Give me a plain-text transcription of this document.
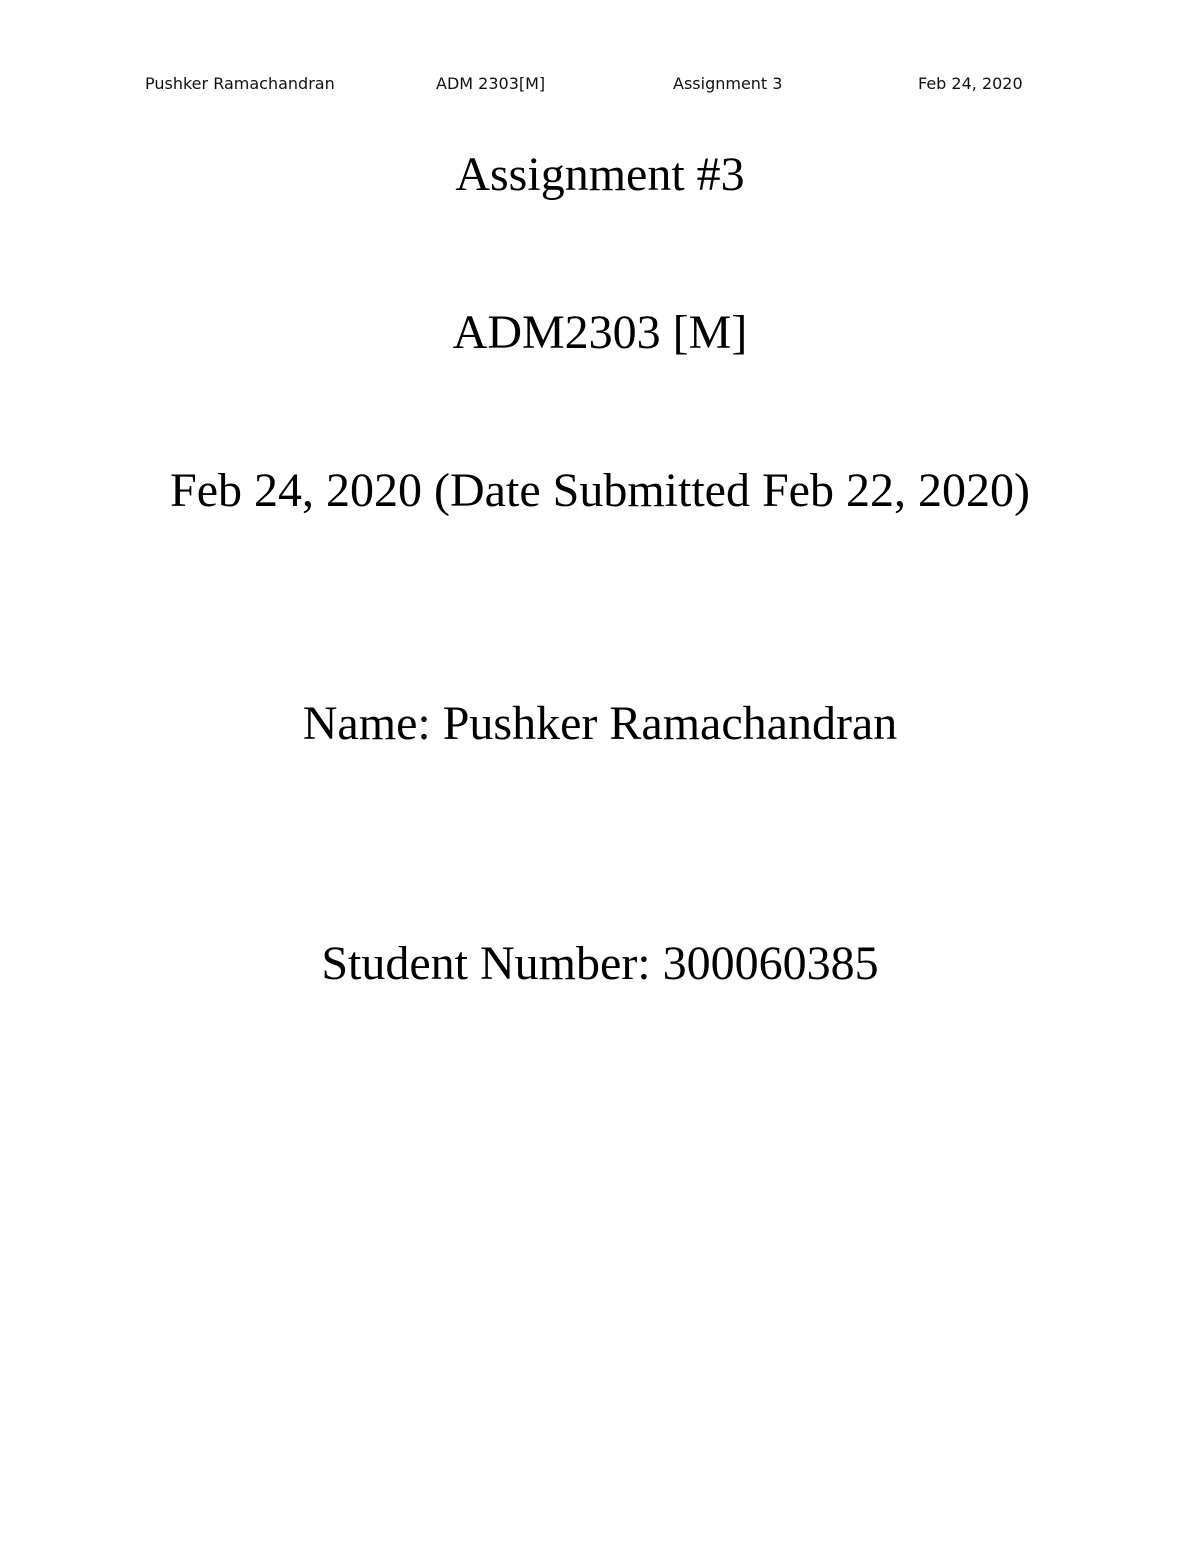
Pushker Ramachandran	ADM 2303[M]	Assignment 3	Feb 24, 2020
Assignment #3
ADM2303 [M]
Feb 24, 2020 (Date Submitted Feb 22, 2020)
Name: Pushker Ramachandran
Student Number: 300060385
